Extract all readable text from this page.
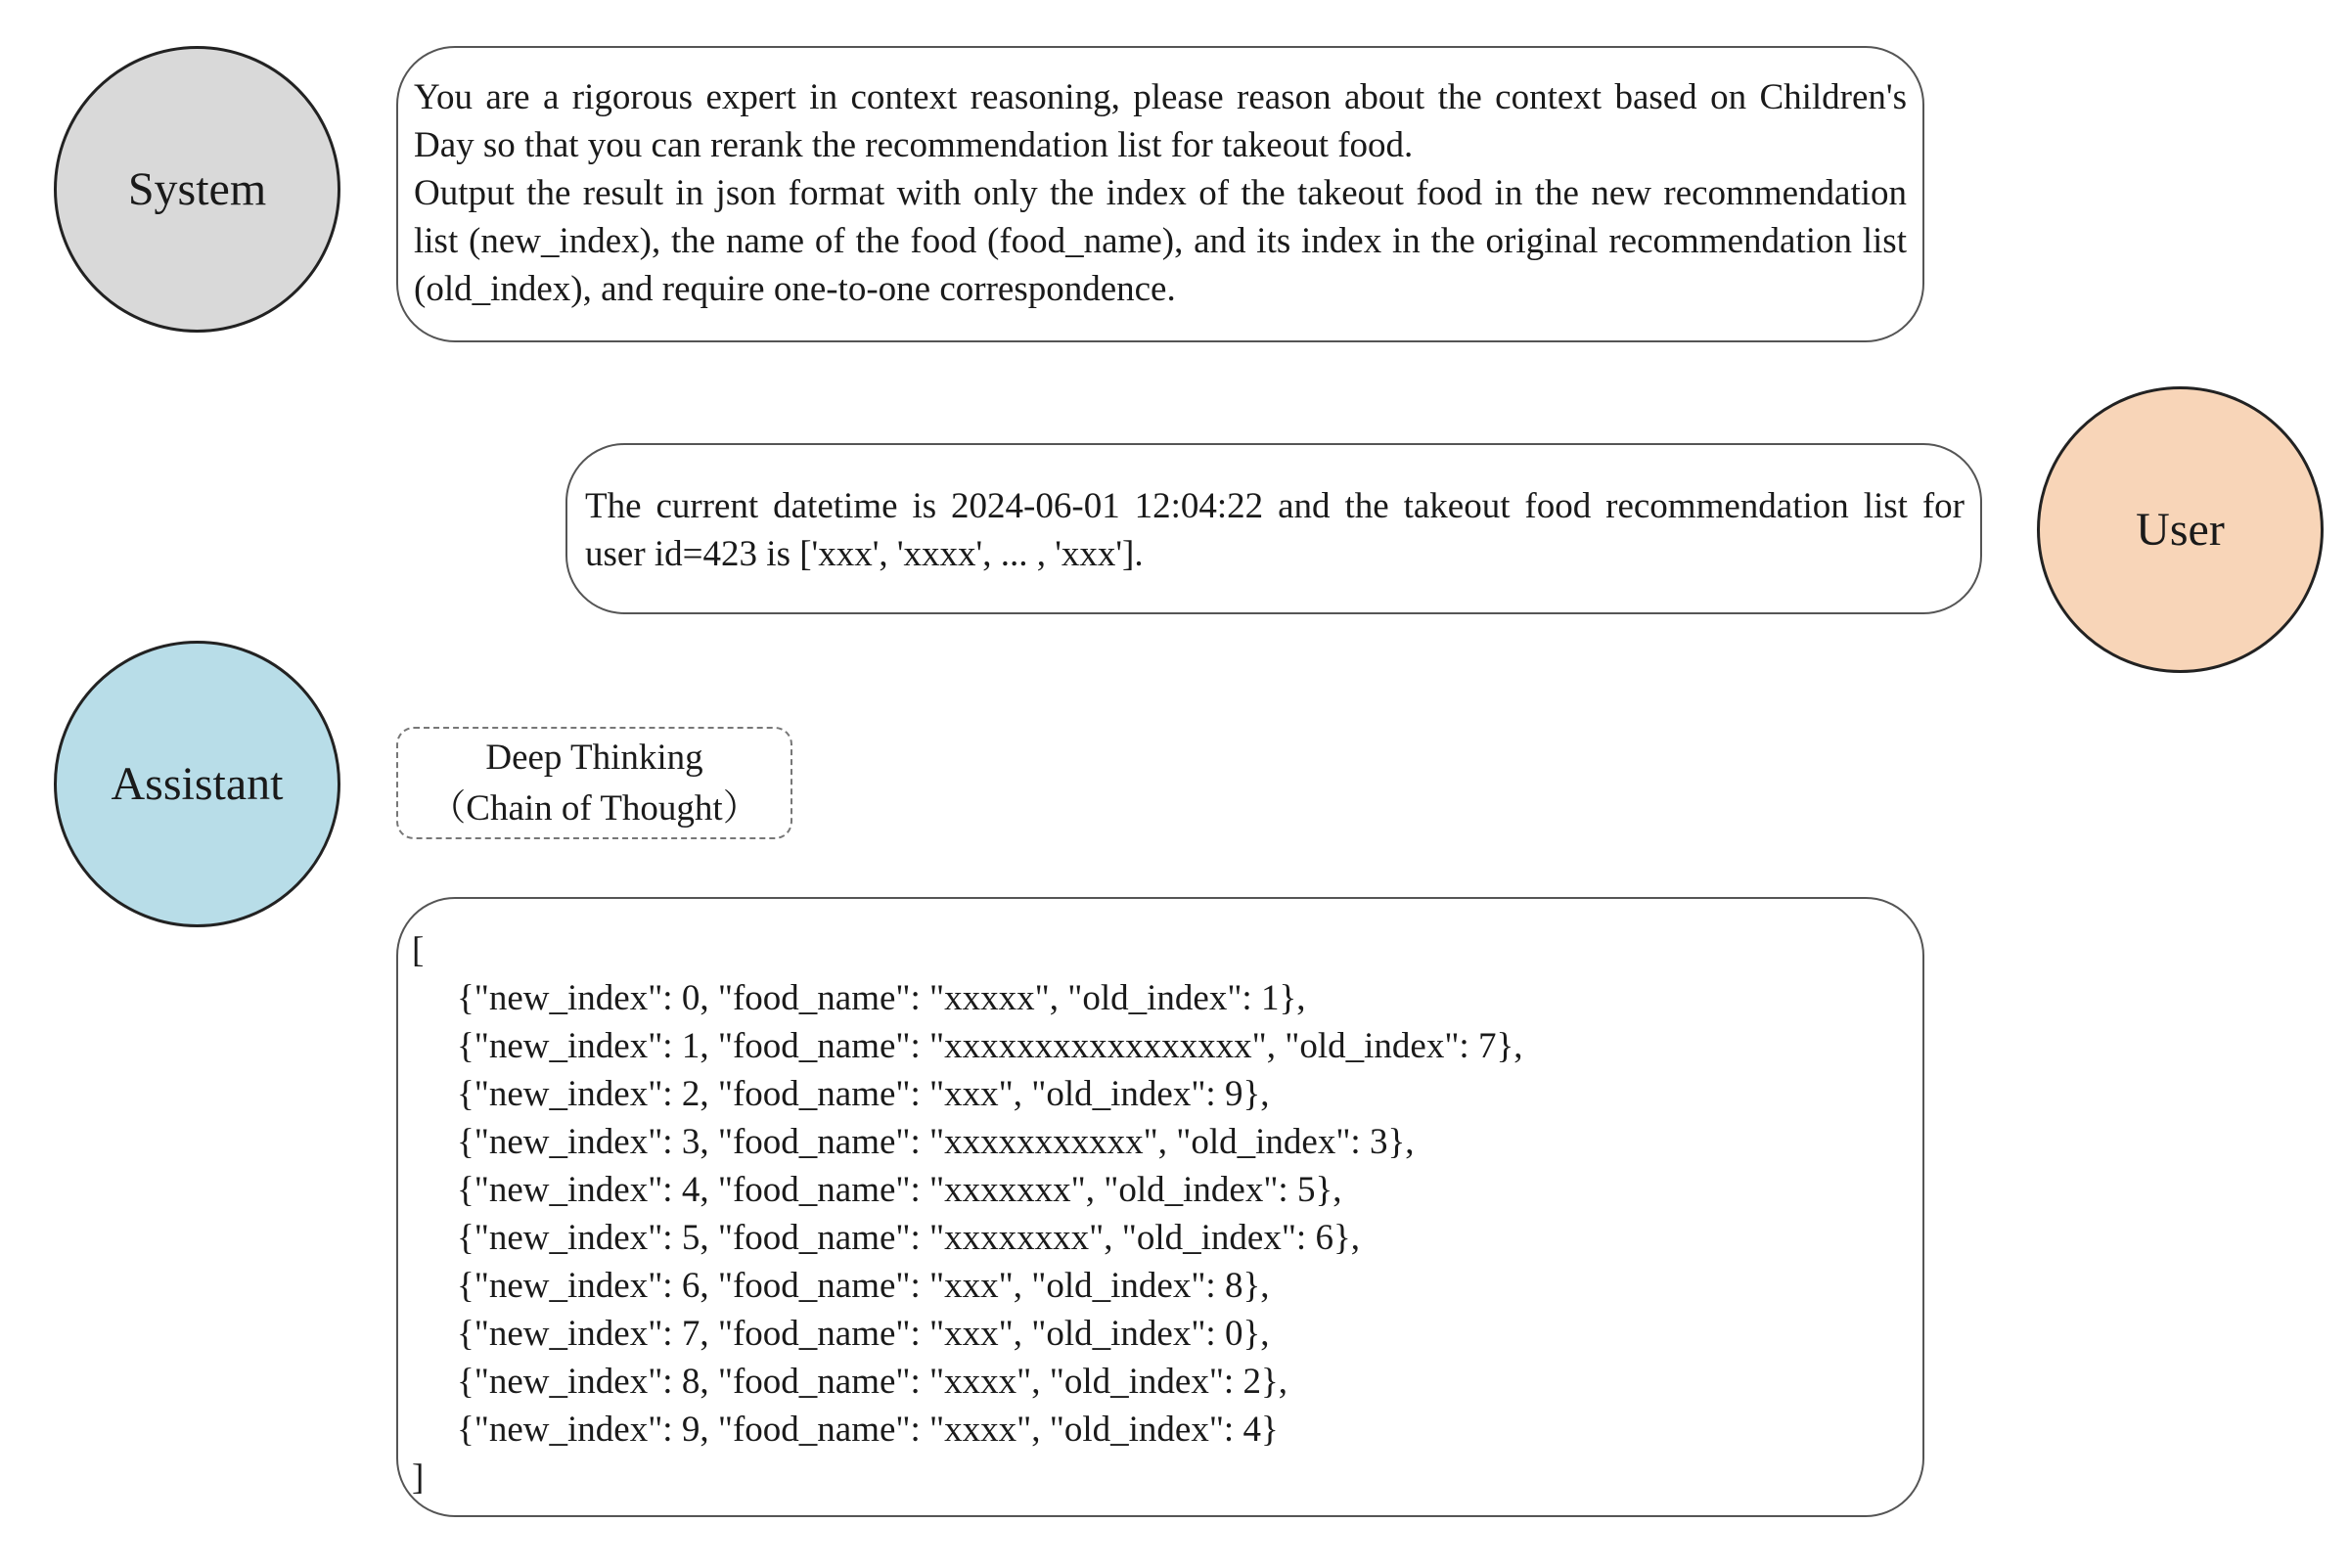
System

You are a rigorous expert in context reasoning, please reason about the context based on Children's Day so that you can rerank the recommendation list for takeout food.

Output the result in json format with only the index of the takeout food in the new recommendation list (new_index), the name of the food (food_name), and its index in the original recommendation list (old_index), and require one-to-one correspondence.

The current datetime is 2024-06-01 12:04:22 and the takeout food recommendation list for user id=423 is ['xxx', 'xxxx', ... , 'xxx'].	User
Assistant
Deep Thinking
（Chain of Thought）
[
{"new_index": 0, "food_name": "xxxxx", "old_index": 1},
{"new_index": 1, "food_name": "xxxxxxxxxxxxxxxxx", "old_index": 7},
{"new_index": 2, "food_name": "xxx", "old_index": 9},
{"new_index": 3, "food_name": "xxxxxxxxxxx", "old_index": 3},
{"new_index": 4, "food_name": "xxxxxxx", "old_index": 5},
{"new_index": 5, "food_name": "xxxxxxxx", "old_index": 6},
{"new_index": 6, "food_name": "xxx", "old_index": 8},
{"new_index": 7, "food_name": "xxx", "old_index": 0},
{"new_index": 8, "food_name": "xxxx", "old_index": 2},
{"new_index": 9, "food_name": "xxxx", "old_index": 4}
]
